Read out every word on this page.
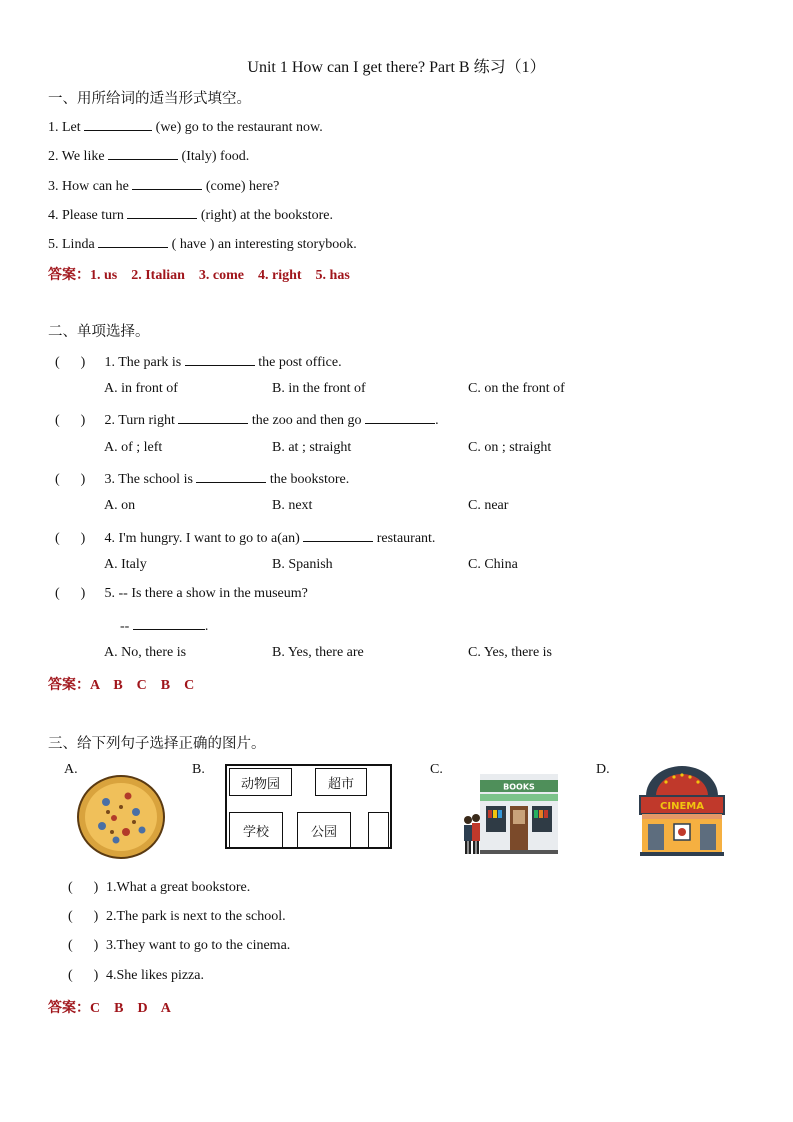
Unit 1 How can I get there? Part B 练习（1）
一、用所给词的适当形式填空。
1. Let	(we) go to the restaurant now.
2. We like	(Italy) food.
3. How can he	(come) here?
4. Please turn	(right) at the bookstore.
5. Linda	( have ) an interesting storybook.
答案：1. us    2. Italian    3. come    4. right    5. has
二、单项选择。
(      ) 1. The park is	the post office.
A. in front of	B. in the front of	C. on the front of
(      ) 2. Turn right	the zoo and then go	.
A. of ; left	B. at ; straight	C. on ; straight
(      ) 3. The school is	the bookstore.
A. on	B. next	C. near
(      ) 4. I'm hungry. I want to go to a(an)	restaurant.
A. Italy	B. Spanish	C. China
(      ) 5. -- Is there a show in the museum?
--	.
A. No, there is	B. Yes, there are	C. Yes, there is
答案：A    B    C    B    C
三、给下列句子选择正确的图片。
A.	B.	C.	D.
动物园	超市
学校	公园
BOOKS
CINEMA
(      ) 1.What a great bookstore.
(      ) 2.The park is next to the school.
(      ) 3.They want to go to the cinema.
(      ) 4.She likes pizza.
答案：C    B    D    A
